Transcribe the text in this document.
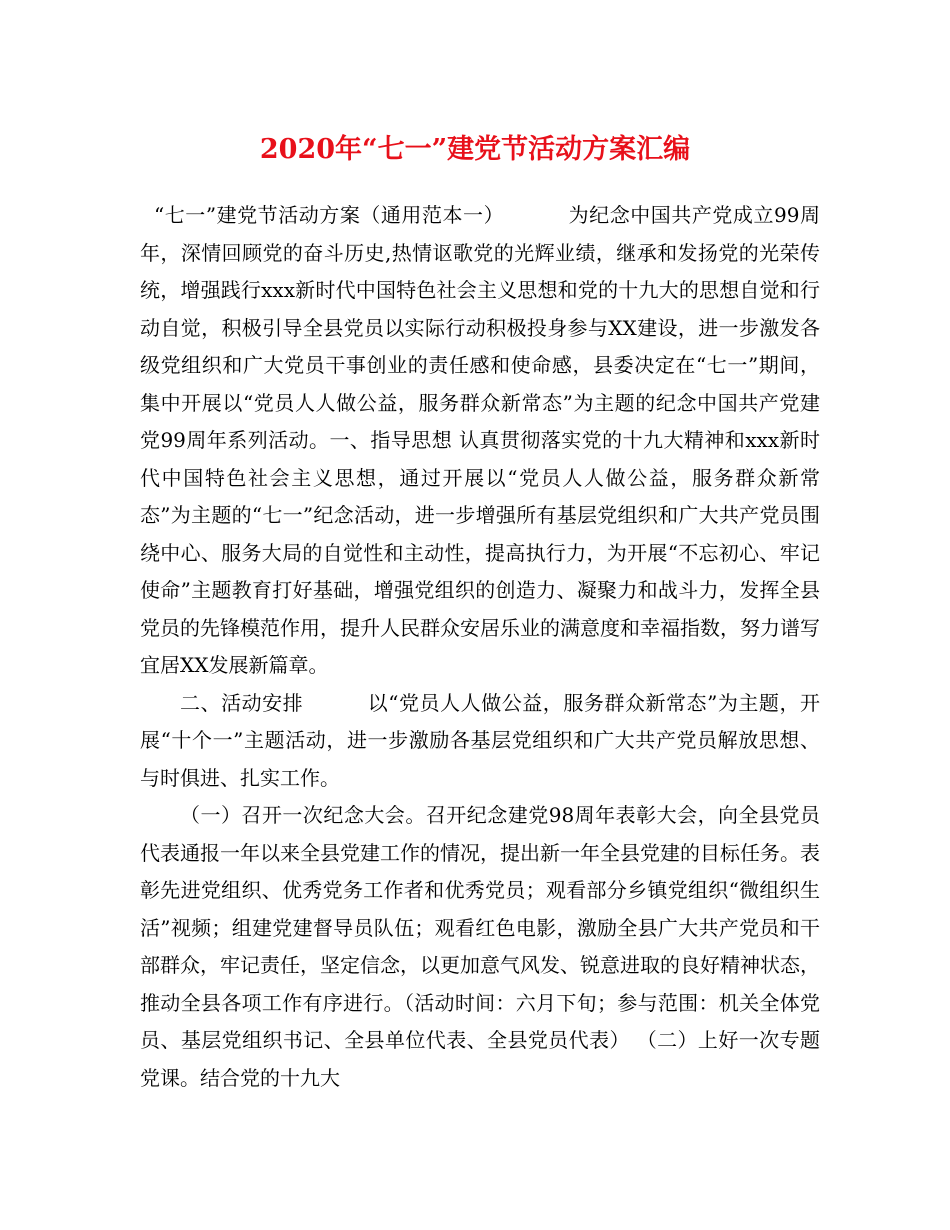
2020年“七一”建党节活动方案汇编

“七一”建党节活动方案（通用范本一）	为纪念中国共产党成立99周年，深情回顾党的奋斗历史,热情讴歌党的光辉业绩，继承和发扬党的光荣传统，增强践行xxx新时代中国特色社会主义思想和党的十九大的思想自觉和行动自觉，积极引导全县党员以实际行动积极投身参与XX建设，进一步激发各级党组织和广大党员干事创业的责任感和使命感，县委决定在“七一”期间，集中开展以“党员人人做公益，服务群众新常态”为主题的纪念中国共产党建党99周年系列活动。一、指导思想 认真贯彻落实党的十九大精神和xxx新时代中国特色社会主义思想，通过开展以“党员人人做公益，服务群众新常态”为主题的“七一”纪念活动，进一步增强所有基层党组织和广大共产党员围绕中心、服务大局的自觉性和主动性，提高执行力，为开展“不忘初心、牢记使命”主题教育打好基础，增强党组织的创造力、凝聚力和战斗力，发挥全县党员的先锋模范作用，提升人民群众安居乐业的满意度和幸福指数，努力谱写宜居XX发展新篇章。

二、活动安排	以“党员人人做公益，服务群众新常态”为主题，开展“十个一”主题活动，进一步激励各基层党组织和广大共产党员解放思想、与时俱进、扎实工作。

（一）召开一次纪念大会。召开纪念建党98周年表彰大会，向全县党员代表通报一年以来全县党建工作的情况，提出新一年全县党建的目标任务。表彰先进党组织、优秀党务工作者和优秀党员；观看部分乡镇党组织“微组织生活”视频；组建党建督导员队伍；观看红色电影，激励全县广大共产党员和干部群众，牢记责任，坚定信念，以更加意气风发、锐意进取的良好精神状态，推动全县各项工作有序进行。（活动时间：六月下旬；参与范围：机关全体党员、基层党组织书记、全县单位代表、全县党员代表） （二）上好一次专题党课。结合党的十九大
